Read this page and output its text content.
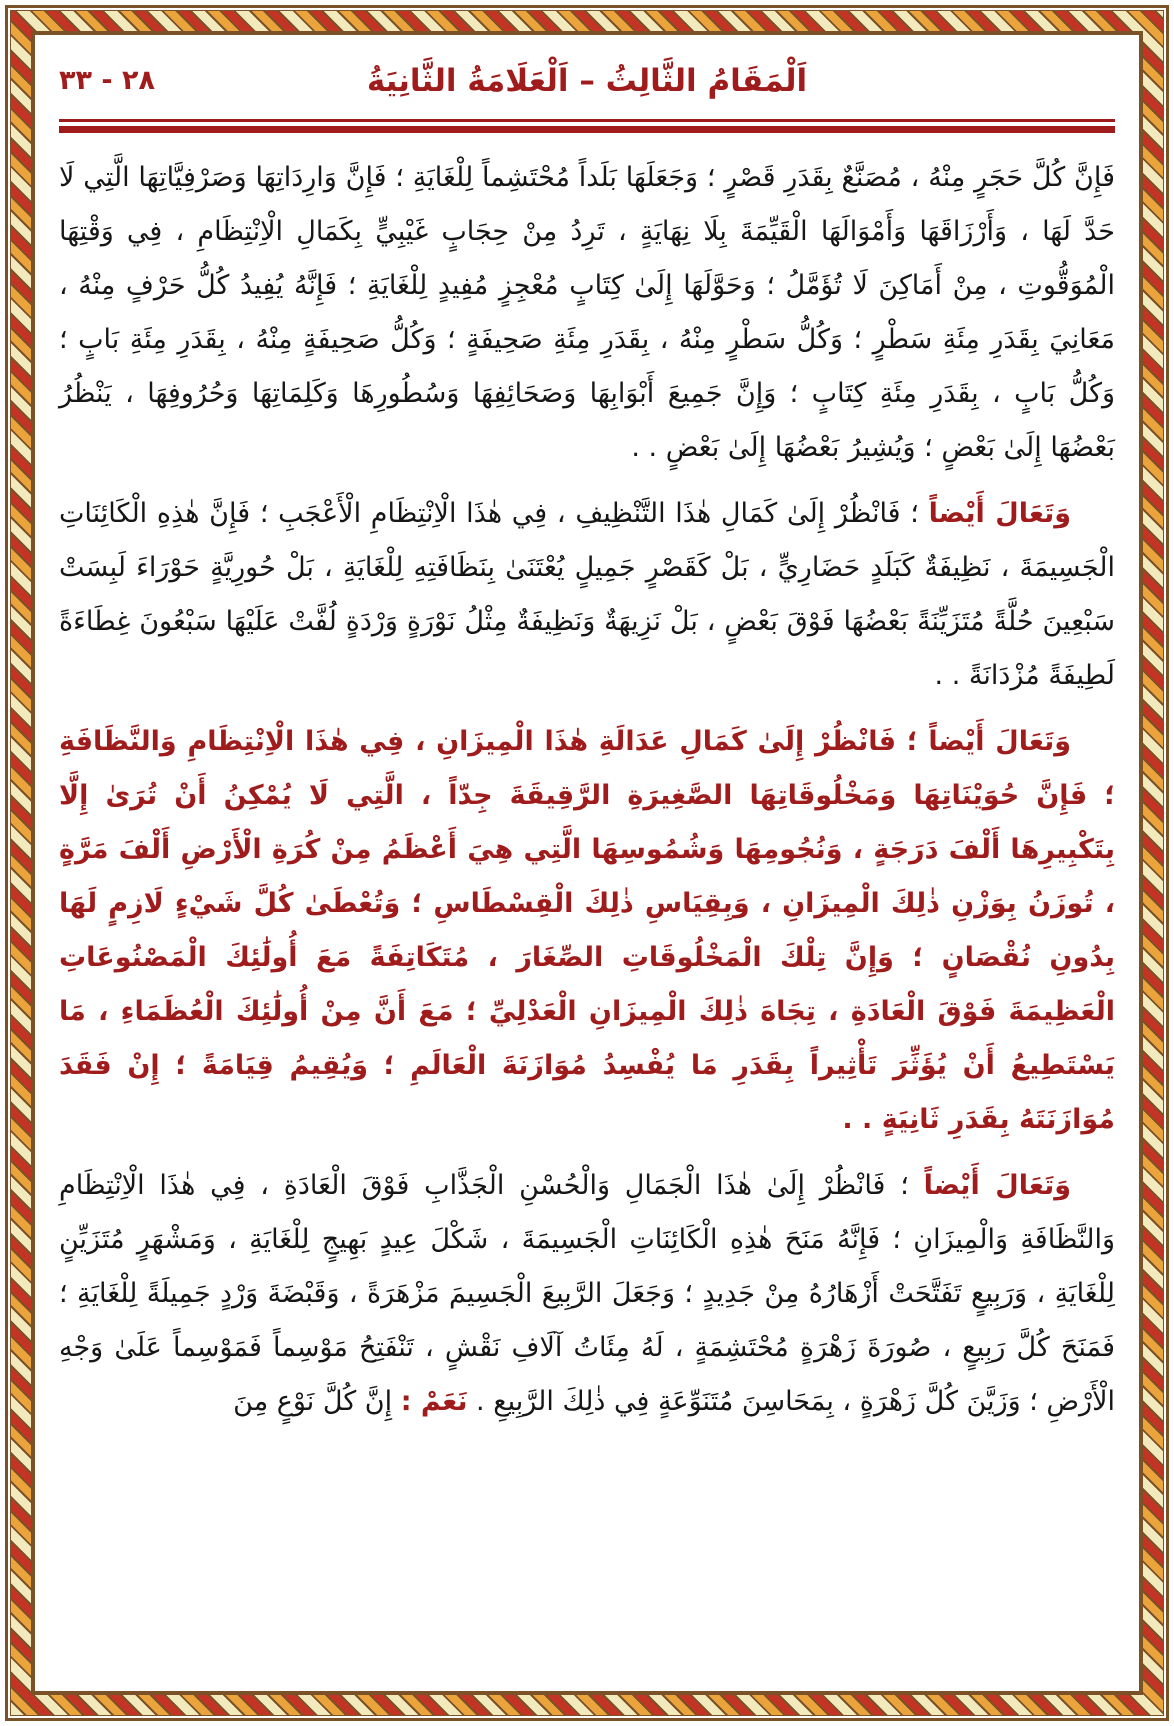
٢٨ - ٣٣	اَلْمَقَامُ الثَّالِثُ – اَلْعَلَامَةُ الثَّانِيَةُ

فَإِنَّ كُلَّ حَجَرٍ مِنْهُ ، مُصَنَّعٌ بِقَدَرِ قَصْرٍ ؛ وَجَعَلَهَا بَلَداً مُحْتَشِماً لِلْغَايَةِ ؛ فَإِنَّ وَارِدَاتِهَا وَصَرْفِيَّاتِهَا الَّتِي لَا حَدَّ لَهَا ، وَأَرْزَاقَهَا وَأَمْوَالَهَا الْقَيِّمَةَ بِلَا نِهَايَةٍ ، تَرِدُ مِنْ حِجَابٍ غَيْبِيٍّ بِكَمَالِ الْاِنْتِظَامِ ، فِي وَقْتِهَا الْمُوَقُّوتِ ، مِنْ أَمَاكِنَ لَا تُؤَمَّلُ ؛ وَحَوَّلَهَا إِلَىٰ كِتَابٍ مُعْجِزٍ مُفِيدٍ لِلْغَايَةِ ؛ فَإِنَّهُ يُفِيدُ كُلُّ حَرْفٍ مِنْهُ ، مَعَانِيَ بِقَدَرِ مِئَةِ سَطْرٍ ؛ وَكُلُّ سَطْرٍ مِنْهُ ، بِقَدَرِ مِئَةِ صَحِيفَةٍ ؛ وَكُلُّ صَحِيفَةٍ مِنْهُ ، بِقَدَرِ مِئَةِ بَابٍ ؛ وَكُلُّ بَابٍ ، بِقَدَرِ مِئَةِ كِتَابٍ ؛ وَإِنَّ جَمِيعَ أَبْوَابِهَا وَصَحَائِفِهَا وَسُطُورِهَا وَكَلِمَاتِهَا وَحُرُوفِهَا ، يَنْظُرُ بَعْضُهَا إِلَىٰ بَعْضٍ ؛ وَيُشِيرُ بَعْضُهَا إِلَىٰ بَعْضٍ . .

وَتَعَالَ أَيْضاً ؛ فَانْظُرْ إِلَىٰ كَمَالِ هٰذَا التَّنْظِيفِ ، فِي هٰذَا الْاِنْتِظَامِ الْأَعْجَبِ ؛ فَإِنَّ هٰذِهِ الْكَائِنَاتِ الْجَسِيمَةَ ، نَظِيفَةٌ كَبَلَدٍ حَضَارِيٍّ ، بَلْ كَقَصْرٍ جَمِيلٍ يُعْتَنَىٰ بِنَظَافَتِهِ لِلْغَايَةِ ، بَلْ حُورِيَّةٍ حَوْرَاءَ لَبِسَتْ سَبْعِينَ حُلَّةً مُتَزَيِّنَةً بَعْضُهَا فَوْقَ بَعْضٍ ، بَلْ نَزِيهَةٌ وَنَظِيفَةٌ مِثْلُ نَوْرَةٍ وَرْدَةٍ لُفَّتْ عَلَيْهَا سَبْعُونَ غِطَاءَةً لَطِيفَةً مُزْدَانَةً . .

وَتَعَالَ أَيْضاً ؛ فَانْظُرْ إِلَىٰ كَمَالِ عَدَالَةِ هٰذَا الْمِيزَانِ ، فِي هٰذَا الْاِنْتِظَامِ وَالنَّظَافَةِ ؛ فَإِنَّ حُوَيْنَاتِهَا وَمَخْلُوقَاتِهَا الصَّغِيرَةِ الرَّقِيقَةَ جِدّاً ، الَّتِي لَا يُمْكِنُ أَنْ تُرَىٰ إِلَّا بِتَكْبِيرِهَا أَلْفَ دَرَجَةٍ ، وَنُجُومِهَا وَشُمُوسِهَا الَّتِي هِيَ أَعْظَمُ مِنْ كُرَةِ الْأَرْضِ أَلْفَ مَرَّةٍ ، تُوزَنُ بِوَزْنِ ذٰلِكَ الْمِيزَانِ ، وَبِقِيَاسِ ذٰلِكَ الْقِسْطَاسِ ؛ وَتُعْطَىٰ كُلَّ شَيْءٍ لَازِمٍ لَهَا بِدُونِ نُقْصَانٍ ؛ وَإِنَّ تِلْكَ الْمَخْلُوقَاتِ الصِّغَارَ ، مُتَكَاتِفَةً مَعَ أُولَٰئِكَ الْمَصْنُوعَاتِ الْعَظِيمَةَ فَوْقَ الْعَادَةِ ، تِجَاهَ ذٰلِكَ الْمِيزَانِ الْعَدْلِيِّ ؛ مَعَ أَنَّ مِنْ أُولَٰئِكَ الْعُظَمَاءِ ، مَا يَسْتَطِيعُ أَنْ يُؤَثِّرَ تَأْثِيراً بِقَدَرِ مَا يُفْسِدُ مُوَازَنَةَ الْعَالَمِ ؛ وَيُقِيمُ قِيَامَةً ؛ إِنْ فَقَدَ مُوَازَنَتَهُ بِقَدَرِ ثَانِيَةٍ . .

وَتَعَالَ أَيْضاً ؛ فَانْظُرْ إِلَىٰ هٰذَا الْجَمَالِ وَالْحُسْنِ الْجَذَّابِ فَوْقَ الْعَادَةِ ، فِي هٰذَا الْاِنْتِظَامِ وَالنَّظَافَةِ وَالْمِيزَانِ ؛ فَإِنَّهُ مَنَحَ هٰذِهِ الْكَائِنَاتِ الْجَسِيمَةَ ، شَكْلَ عِيدٍ بَهِيجٍ لِلْغَايَةِ ، وَمَشْهَرٍ مُتَزَيِّنٍ لِلْغَايَةِ ، وَرَبِيعٍ تَفَتَّحَتْ أَزْهَارُهُ مِنْ جَدِيدٍ ؛ وَجَعَلَ الرَّبِيعَ الْجَسِيمَ مَزْهَرَةً ، وَقَبْضَةَ وَرْدٍ جَمِيلَةً لِلْغَايَةِ ؛ فَمَنَحَ كُلَّ رَبِيعٍ ، صُورَةَ زَهْرَةٍ مُحْتَشِمَةٍ ، لَهُ مِئَاتُ آلَافِ نَقْشٍ ، تَنْفَتِحُ مَوْسِماً فَمَوْسِماً عَلَىٰ وَجْهِ الْأَرْضِ ؛ وَزَيَّنَ كُلَّ زَهْرَةٍ ، بِمَحَاسِنَ مُتَنَوِّعَةٍ فِي ذٰلِكَ الرَّبِيعِ . نَعَمْ : إِنَّ كُلَّ نَوْعٍ مِنَ
